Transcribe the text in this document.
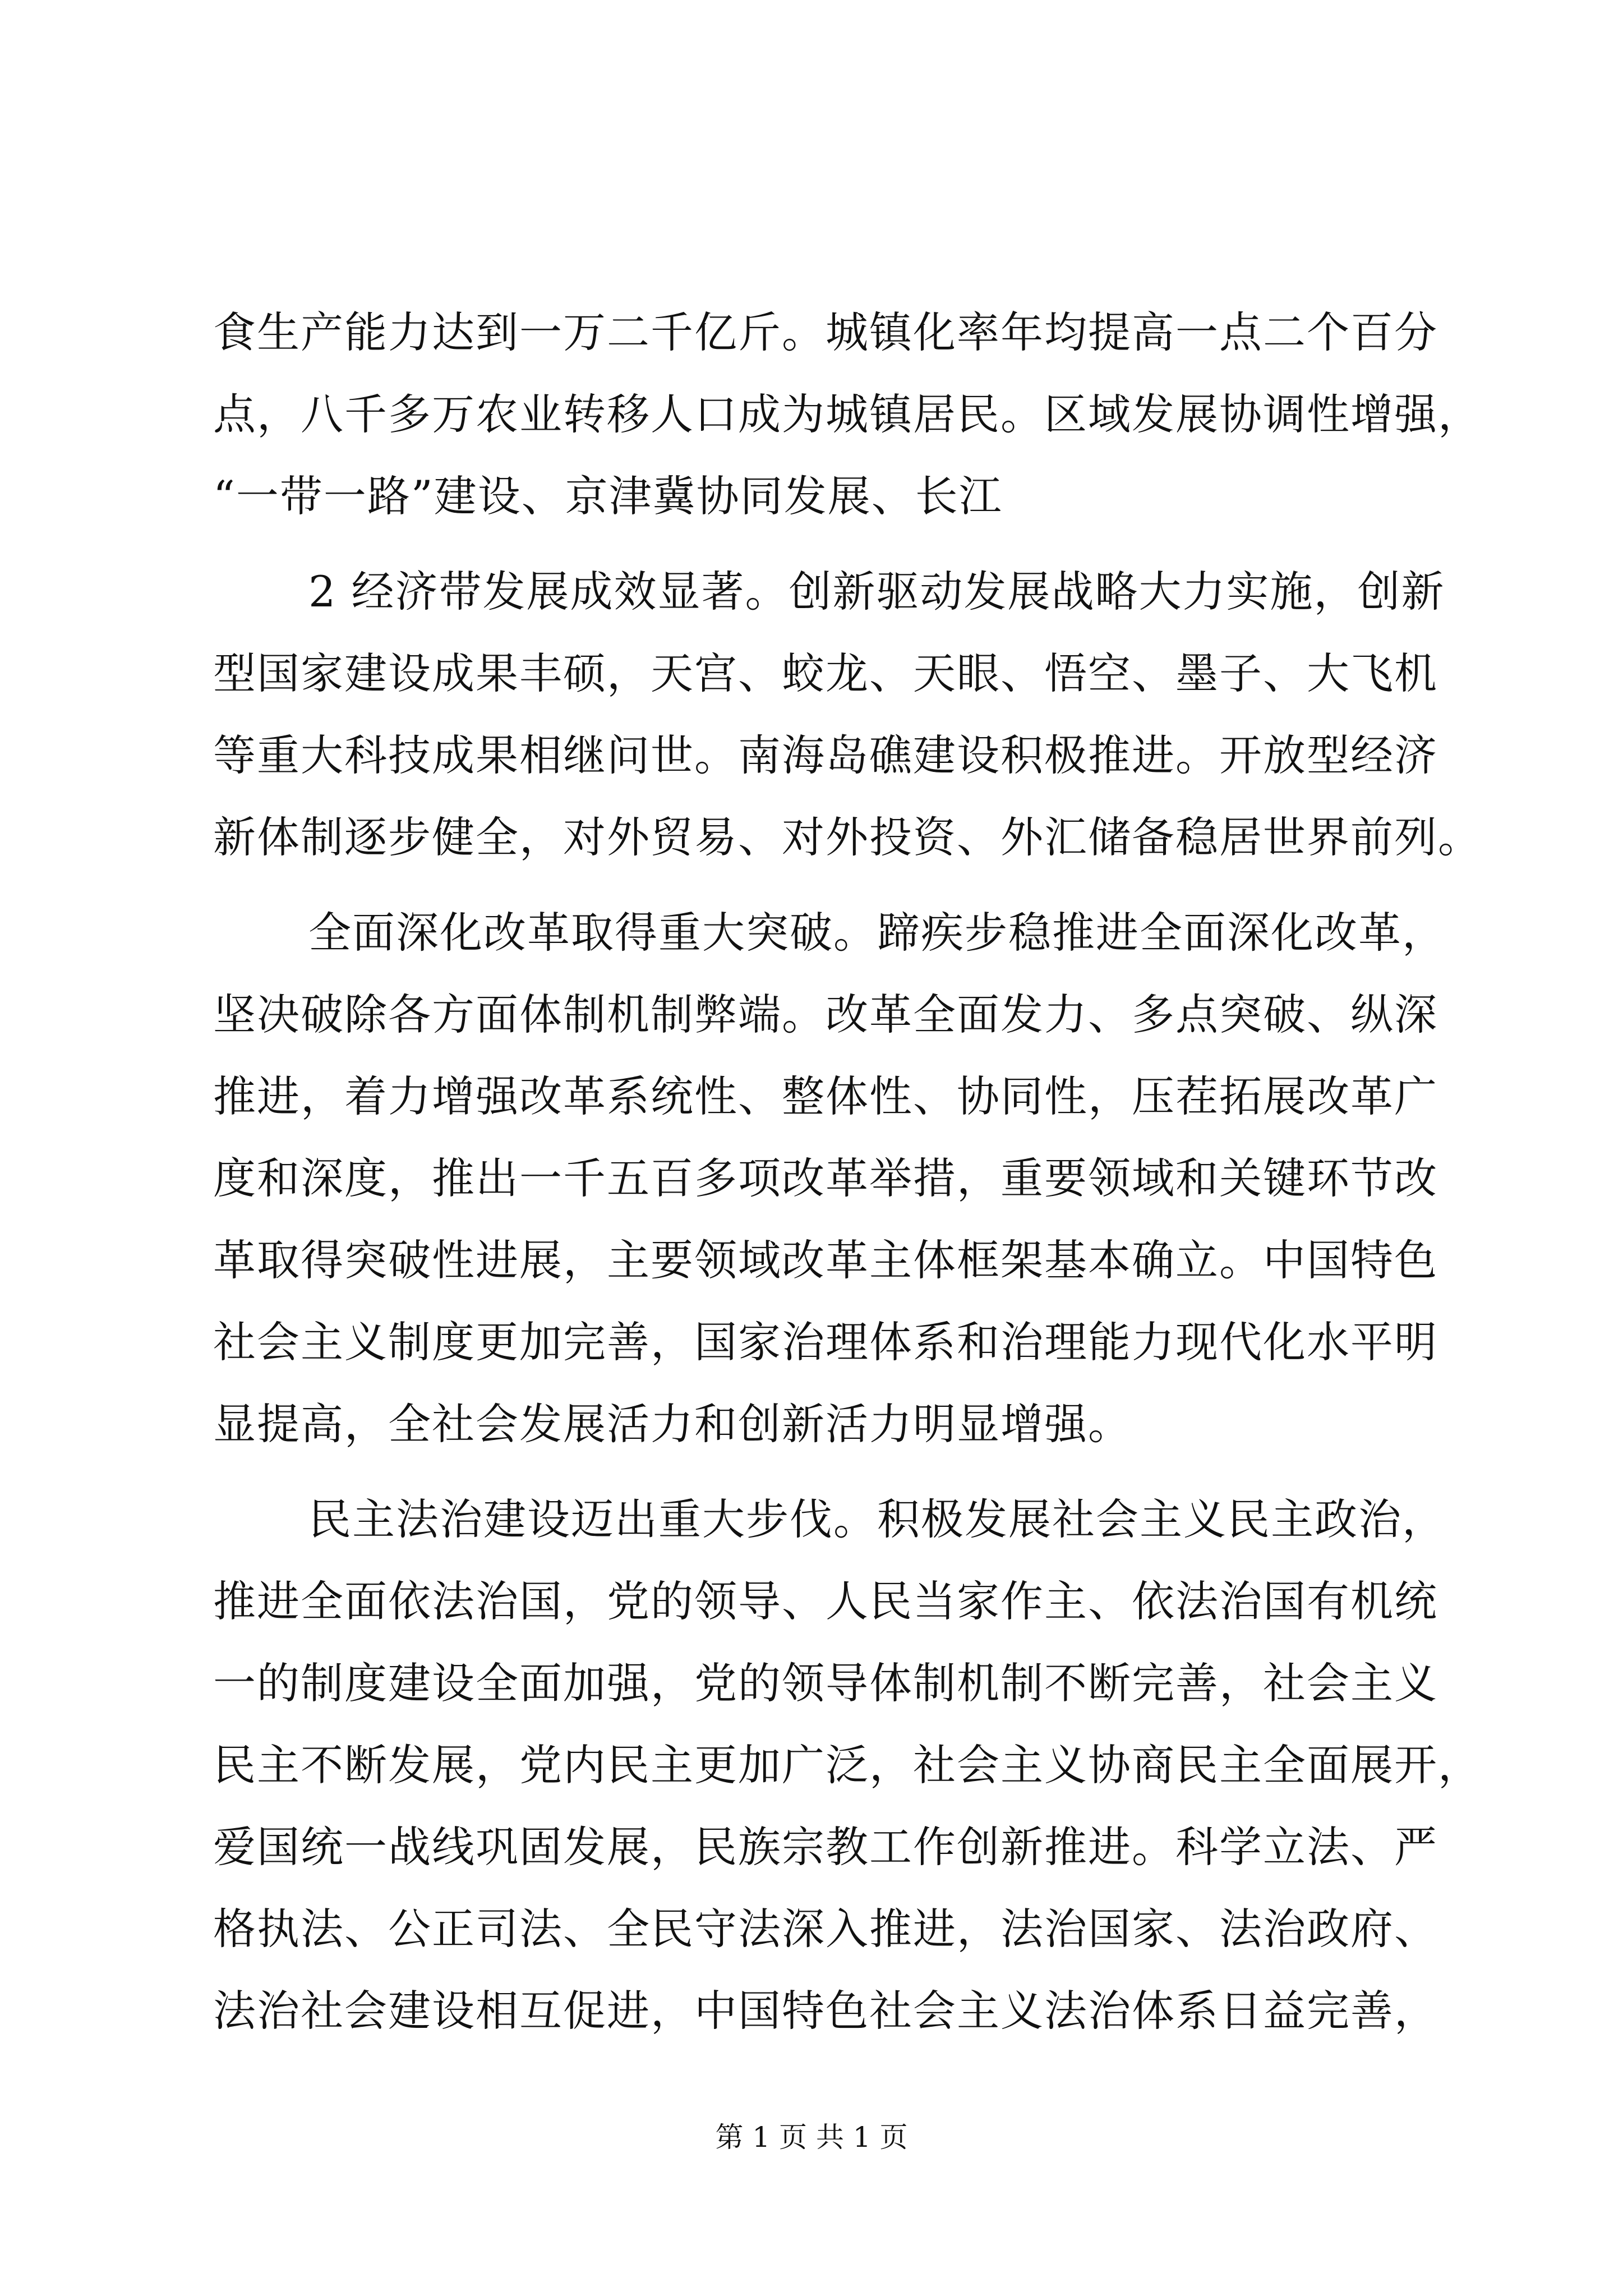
食生产能力达到一万二千亿斤。城镇化率年均提高一点二个百分
点，八千多万农业转移人口成为城镇居民。区域发展协调性增强，
“一带一路”建设、京津冀协同发展、长江
2 经济带发展成效显著。创新驱动发展战略大力实施，创新
型国家建设成果丰硕，天宫、蛟龙、天眼、悟空、墨子、大飞机
等重大科技成果相继问世。南海岛礁建设积极推进。开放型经济
新体制逐步健全，对外贸易、对外投资、外汇储备稳居世界前列。
全面深化改革取得重大突破。蹄疾步稳推进全面深化改革，
坚决破除各方面体制机制弊端。改革全面发力、多点突破、纵深
推进，着力增强改革系统性、整体性、协同性，压茬拓展改革广
度和深度，推出一千五百多项改革举措，重要领域和关键环节改
革取得突破性进展，主要领域改革主体框架基本确立。中国特色
社会主义制度更加完善，国家治理体系和治理能力现代化水平明
显提高，全社会发展活力和创新活力明显增强。
民主法治建设迈出重大步伐。积极发展社会主义民主政治，
推进全面依法治国，党的领导、人民当家作主、依法治国有机统
一的制度建设全面加强，党的领导体制机制不断完善，社会主义
民主不断发展，党内民主更加广泛，社会主义协商民主全面展开，
爱国统一战线巩固发展，民族宗教工作创新推进。科学立法、严
格执法、公正司法、全民守法深入推进，法治国家、法治政府、
法治社会建设相互促进，中国特色社会主义法治体系日益完善，
第 1 页 共 1 页
